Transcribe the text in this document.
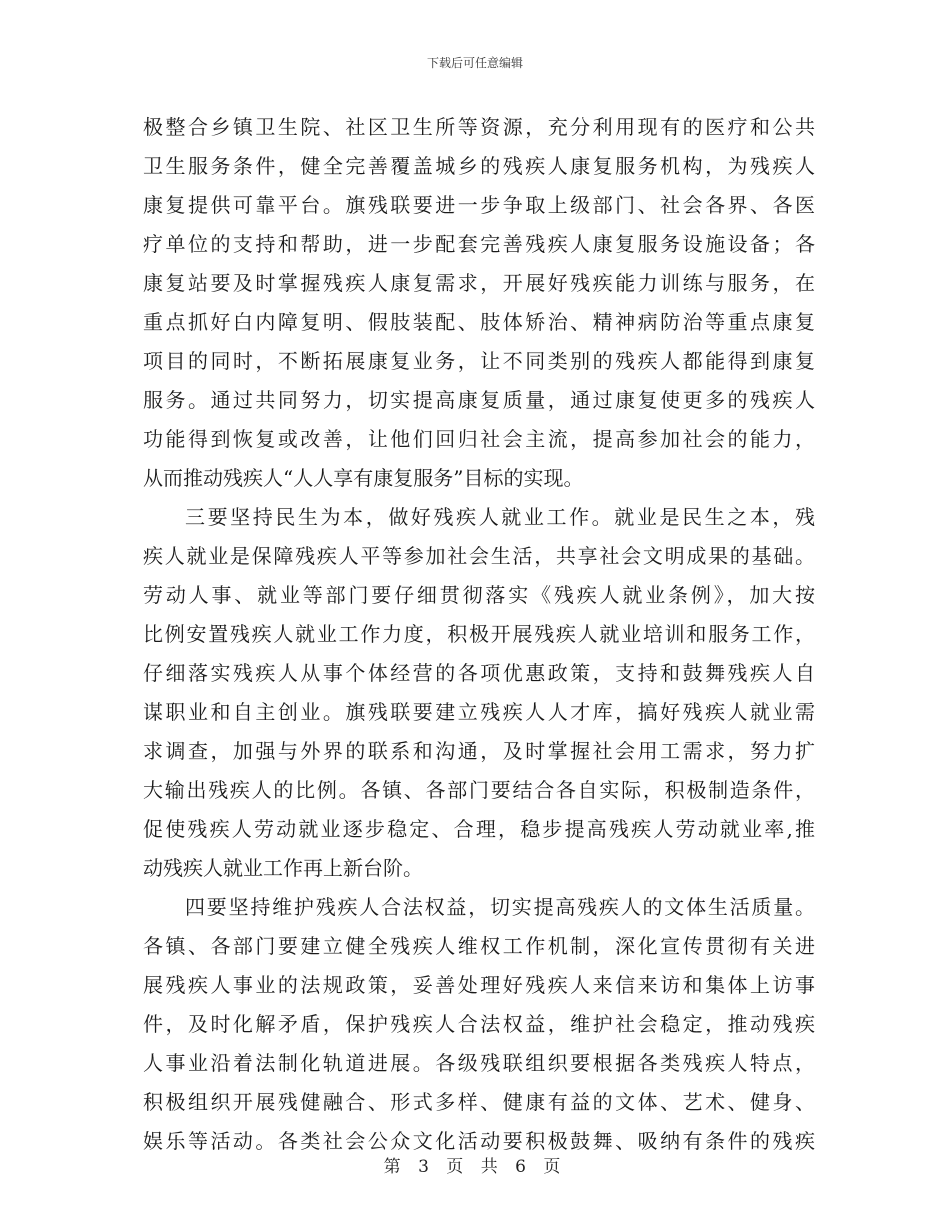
下载后可任意编辑
极整合乡镇卫生院、社区卫生所等资源，充分利用现有的医疗和公共
卫生服务条件，健全完善覆盖城乡的残疾人康复服务机构，为残疾人
康复提供可靠平台。旗残联要进一步争取上级部门、社会各界、各医
疗单位的支持和帮助，进一步配套完善残疾人康复服务设施设备；各
康复站要及时掌握残疾人康复需求，开展好残疾能力训练与服务，在
重点抓好白内障复明、假肢装配、肢体矫治、精神病防治等重点康复
项目的同时，不断拓展康复业务，让不同类别的残疾人都能得到康复
服务。通过共同努力，切实提高康复质量，通过康复使更多的残疾人
功能得到恢复或改善，让他们回归社会主流，提高参加社会的能力，
从而推动残疾人“人人享有康复服务”目标的实现。
三要坚持民生为本，做好残疾人就业工作。就业是民生之本，残
疾人就业是保障残疾人平等参加社会生活，共享社会文明成果的基础。
劳动人事、就业等部门要仔细贯彻落实《残疾人就业条例》，加大按
比例安置残疾人就业工作力度，积极开展残疾人就业培训和服务工作，
仔细落实残疾人从事个体经营的各项优惠政策，支持和鼓舞残疾人自
谋职业和自主创业。旗残联要建立残疾人人才库，搞好残疾人就业需
求调查，加强与外界的联系和沟通，及时掌握社会用工需求，努力扩
大输出残疾人的比例。各镇、各部门要结合各自实际，积极制造条件，
促使残疾人劳动就业逐步稳定、合理，稳步提高残疾人劳动就业率,推
动残疾人就业工作再上新台阶。
四要坚持维护残疾人合法权益，切实提高残疾人的文体生活质量。
各镇、各部门要建立健全残疾人维权工作机制，深化宣传贯彻有关进
展残疾人事业的法规政策，妥善处理好残疾人来信来访和集体上访事
件，及时化解矛盾，保护残疾人合法权益，维护社会稳定，推动残疾
人事业沿着法制化轨道进展。各级残联组织要根据各类残疾人特点，
积极组织开展残健融合、形式多样、健康有益的文体、艺术、健身、
娱乐等活动。各类社会公众文化活动要积极鼓舞、吸纳有条件的残疾
第 3 页 共 6 页
